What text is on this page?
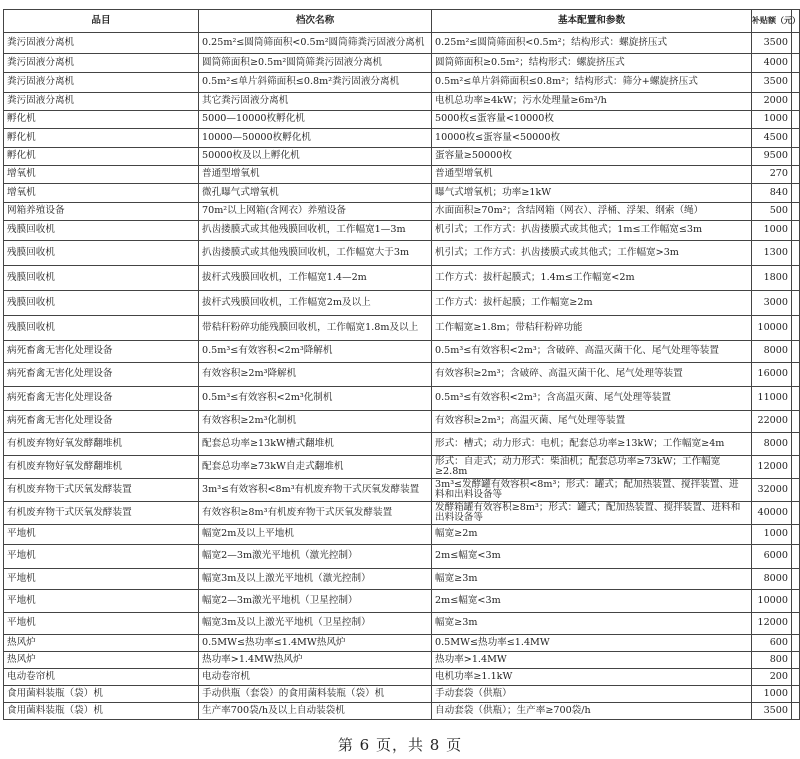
品目	档次名称	基本配置和参数	补贴额（元）	
粪污固液分离机	0.25m²≤圆筒筛面积<0.5m²圆筒筛粪污固液分离机	0.25m²≤圆筒筛面积<0.5m²；结构形式：螺旋挤压式	3500	
粪污固液分离机	圆筒筛面积≥0.5m²圆筒筛粪污固液分离机	圆筒筛面积≥0.5m²；结构形式：螺旋挤压式	4000	
粪污固液分离机	0.5m²≤单片斜筛面积≤0.8m²粪污固液分离机	0.5m²≤单片斜筛面积≤0.8m²；结构形式：筛分+螺旋挤压式	3500	
粪污固液分离机	其它粪污固液分离机	电机总功率≥4kW；污水处理量≥6m³/h	2000	
孵化机	5000—10000枚孵化机	5000枚≤蛋容量<10000枚	1000	
孵化机	10000—50000枚孵化机	10000枚≤蛋容量<50000枚	4500	
孵化机	50000枚及以上孵化机	蛋容量≥50000枚	9500	
增氧机	普通型增氧机	普通型增氧机	270	
增氧机	微孔曝气式增氧机	曝气式增氧机；功率≥1kW	840	
网箱养殖设备	70m²以上网箱(含网衣）养殖设备	水面面积≥70m²；含结网箱（网衣）、浮桶、浮架、纲索（绳）	500	
残膜回收机	扒齿搂膜式或其他残膜回收机，工作幅宽1—3m	机引式；工作方式：扒齿搂膜式或其他式；1m≤工作幅宽≤3m	1000	
残膜回收机	扒齿搂膜式或其他残膜回收机，工作幅宽大于3m	机引式；工作方式：扒齿搂膜式或其他式；工作幅宽>3m	1300	
残膜回收机	拔杆式残膜回收机，工作幅宽1.4—2m	工作方式：拔杆起膜式；1.4m≤工作幅宽<2m	1800	
残膜回收机	拔杆式残膜回收机，工作幅宽2m及以上	工作方式：拔杆起膜；工作幅宽≥2m	3000	
残膜回收机	带秸秆粉碎功能残膜回收机，工作幅宽1.8m及以上	工作幅宽≥1.8m；带秸秆粉碎功能	10000	
病死畜禽无害化处理设备	0.5m³≤有效容积<2m³降解机	0.5m³≤有效容积<2m³；含破碎、高温灭菌干化、尾气处理等装置	8000	
病死畜禽无害化处理设备	有效容积≥2m³降解机	有效容积≥2m³；含破碎、高温灭菌干化、尾气处理等装置	16000	
病死畜禽无害化处理设备	0.5m³≤有效容积<2m³化制机	0.5m³≤有效容积<2m³；含高温灭菌、尾气处理等装置	11000	
病死畜禽无害化处理设备	有效容积≥2m³化制机	有效容积≥2m³；高温灭菌、尾气处理等装置	22000	
有机废弃物好氧发酵翻堆机	配套总功率≥13kW槽式翻堆机	形式：槽式；动力形式：电机；配套总功率≥13kW；工作幅宽≥4m	8000	
有机废弃物好氧发酵翻堆机	配套总功率≥73kW自走式翻堆机	形式：自走式；动力形式：柴油机；配套总功率≥73kW；工作幅宽≥2.8m	12000	
有机废弃物干式厌氧发酵装置	3m³≤有效容积<8m³有机废弃物干式厌氧发酵装置	3m³≤发酵罐有效容积<8m³；形式：罐式；配加热装置、搅拌装置、进料和出料设备等	32000	
有机废弃物干式厌氧发酵装置	有效容积≥8m³有机废弃物干式厌氧发酵装置	发酵箱罐有效容积≥8m³；形式：罐式；配加热装置、搅拌装置、进料和出料设备等	40000	
平地机	幅宽2m及以上平地机	幅宽≥2m	1000	
平地机	幅宽2—3m激光平地机（激光控制）	2m≤幅宽<3m	6000	
平地机	幅宽3m及以上激光平地机（激光控制）	幅宽≥3m	8000	
平地机	幅宽2—3m激光平地机（卫星控制）	2m≤幅宽<3m	10000	
平地机	幅宽3m及以上激光平地机（卫星控制）	幅宽≥3m	12000	
热风炉	0.5MW≤热功率≤1.4MW热风炉	0.5MW≤热功率≤1.4MW	600	
热风炉	热功率>1.4MW热风炉	热功率>1.4MW	800	
电动卷帘机	电动卷帘机	电机功率≥1.1kW	200	
食用菌料装瓶（袋）机	手动供瓶（套袋）的食用菌料装瓶（袋）机	手动套袋（供瓶）	1000	
食用菌料装瓶（袋）机	生产率700袋/h及以上自动装袋机	自动套袋（供瓶）；生产率≥700袋/h	3500	
第 6 页，共 8 页
